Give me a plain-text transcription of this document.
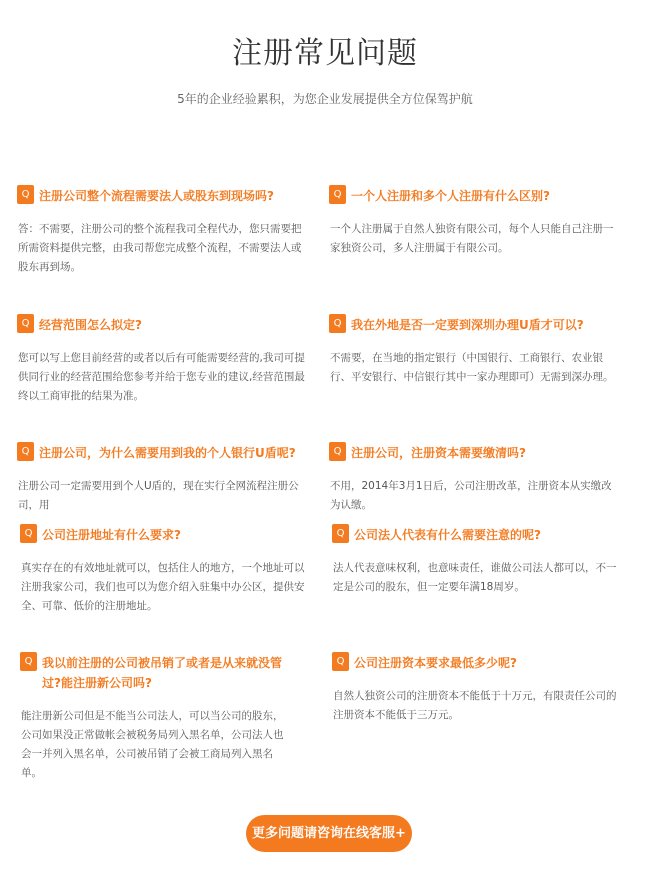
注册常见问题
5年的企业经验累积，为您企业发展提供全方位保驾护航
Q 注册公司整个流程需要法人或股东到现场吗?
答：不需要，注册公司的整个流程我司全程代办，您只需要把所需资料提供完整，由我司帮您完成整个流程，不需要法人或股东再到场。
Q 一个人注册和多个人注册有什么区别?
一个人注册属于自然人独资有限公司，每个人只能自己注册一家独资公司，多人注册属于有限公司。
Q 经营范围怎么拟定?
您可以写上您目前经营的或者以后有可能需要经营的,我司可提供同行业的经营范围给您参考并给于您专业的建议,经营范围最终以工商审批的结果为准。
Q 我在外地是否一定要到深圳办理U盾才可以?
不需要，在当地的指定银行（中国银行、工商银行、农业银行、平安银行、中信银行其中一家办理即可）无需到深办理。
Q 注册公司，为什么需要用到我的个人银行U盾呢?
注册公司一定需要用到个人U盾的，现在实行全网流程注册公司，用
Q 注册公司，注册资本需要缴清吗?
不用，2014年3月1日后，公司注册改革，注册资本从实缴改为认缴。
Q 公司注册地址有什么要求?
真实存在的有效地址就可以，包括住人的地方，一个地址可以注册我家公司，我们也可以为您介绍入驻集中办公区，提供安全、可靠、低价的注册地址。
Q 公司法人代表有什么需要注意的呢?
法人代表意味权利，也意味责任，谁做公司法人都可以，不一定是公司的股东，但一定要年满18周岁。
Q 我以前注册的公司被吊销了或者是从来就没管过?能注册新公司吗?
能注册新公司但是不能当公司法人，可以当公司的股东，公司如果没正常做帐会被税务局列入黑名单，公司法人也会一并列入黑名单，公司被吊销了会被工商局列入黑名单。
Q 公司注册资本要求最低多少呢?
自然人独资公司的注册资本不能低于十万元，有限责任公司的注册资本不能低于三万元。
更多问题请咨询在线客服+
